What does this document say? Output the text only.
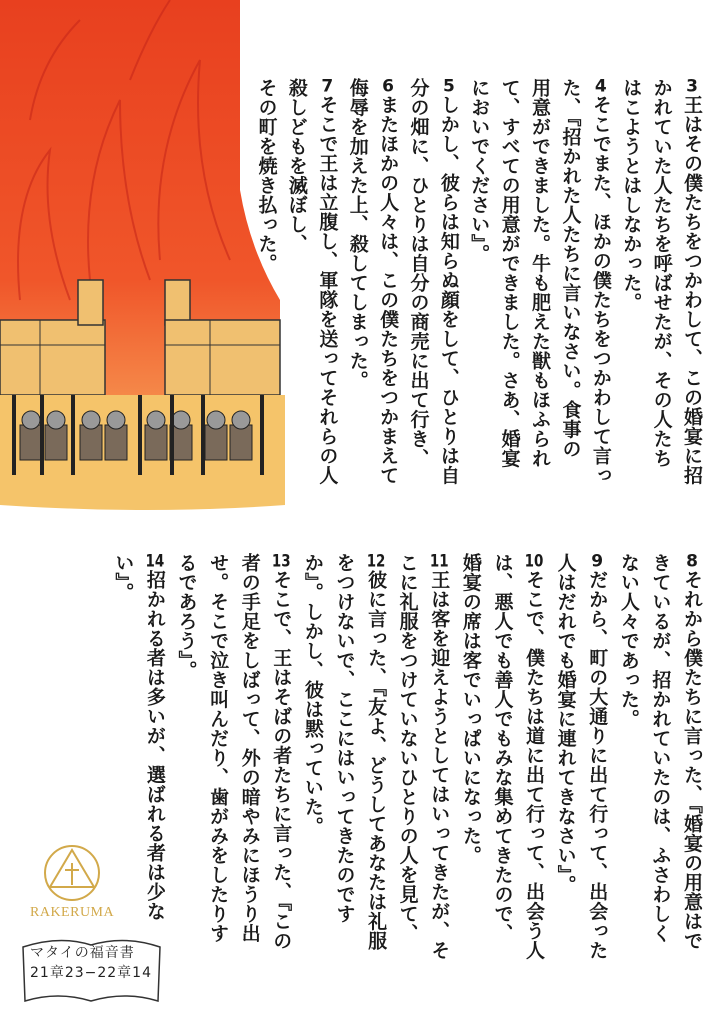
3王はその僕たちをつかわして、この婚宴に招
かれていた人たちを呼ばせたが、その人たち
はこようとはしなかった。
4そこでまた、ほかの僕たちをつかわして言っ
た、『招かれた人たちに言いなさい。食事の
用意ができました。牛も肥えた獣もほふられ
て、すべての用意ができました。さあ、婚宴
においでください』。
5しかし、彼らは知らぬ顔をして、ひとりは自
分の畑に、ひとりは自分の商売に出て行き、
6またほかの人々は、この僕たちをつかまえて
侮辱を加えた上、殺してしまった。
7そこで王は立腹し、軍隊を送ってそれらの人
殺しどもを滅ぼし、
その町を焼き払った。
8それから僕たちに言った、『婚宴の用意はで
きているが、招かれていたのは、ふさわしく
ない人々であった。
9だから、町の大通りに出て行って、出会った
人はだれでも婚宴に連れてきなさい』。
10そこで、僕たちは道に出て行って、出会う人
は、悪人でも善人でもみな集めてきたので、
婚宴の席は客でいっぱいになった。
11王は客を迎えようとしてはいってきたが、そ
こに礼服をつけていないひとりの人を見て、
12彼に言った、『友よ、どうしてあなたは礼服
をつけないで、ここにはいってきたのです
か』。しかし、彼は黙っていた。
13そこで、王はそばの者たちに言った、『この
者の手足をしばって、外の暗やみにほうり出
せ。そこで泣き叫んだり、歯がみをしたりす
るであろう』。
14招かれる者は多いが、選ばれる者は少な
い』。
RAKERUMA
マタイの福音書
21章23−22章14
